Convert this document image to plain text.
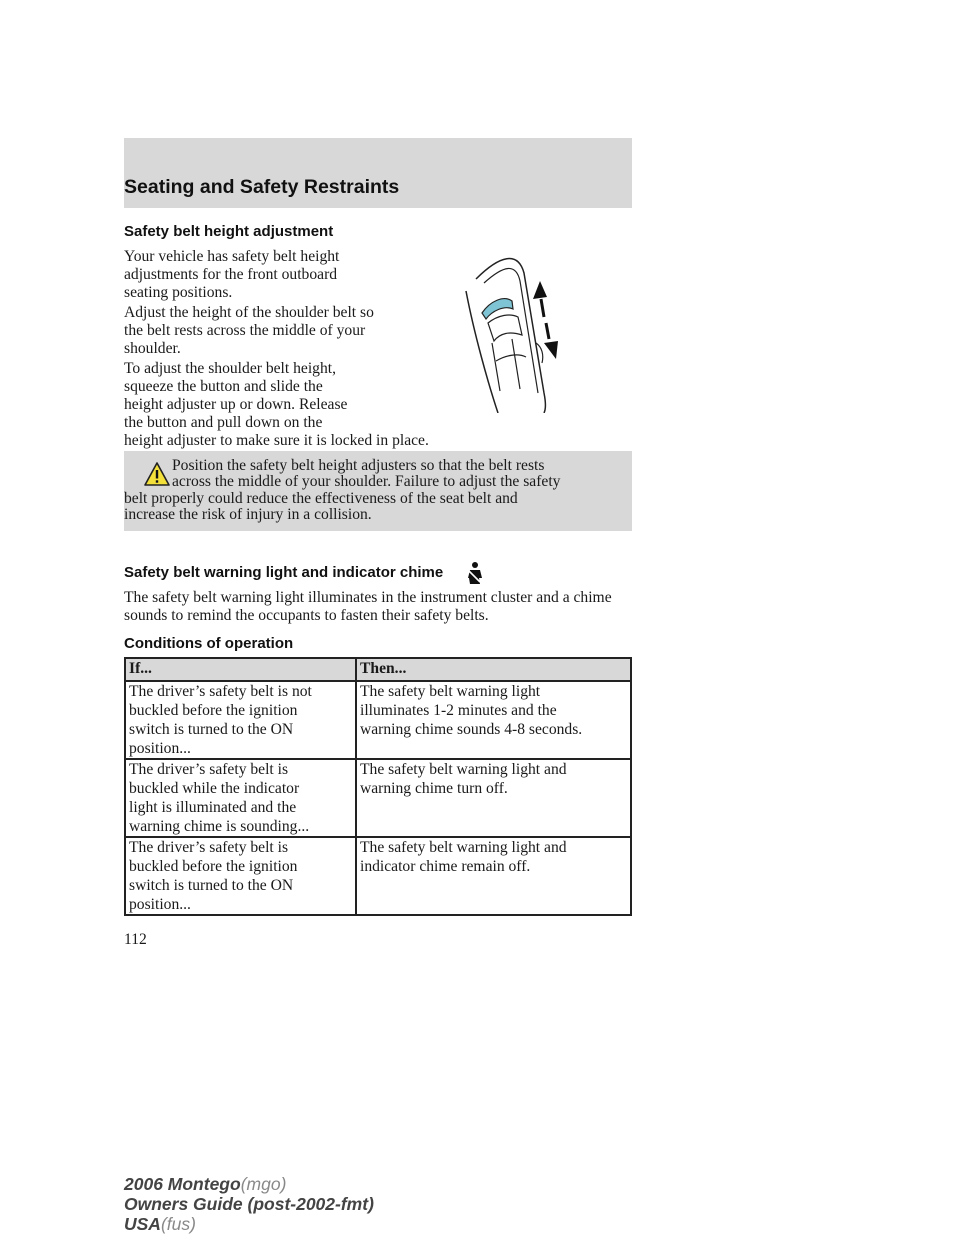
Seating and Safety Restraints
Safety belt height adjustment

Your vehicle has safety belt height adjustments for the front outboard seating positions.

Adjust the height of the shoulder belt so the belt rests across the middle of your shoulder.

To adjust the shoulder belt height,
squeeze the button and slide the
height adjuster up or down. Release
the button and pull down on the
height adjuster to make sure it is locked in place.

Position the safety belt height adjusters so that the belt rests
across the middle of your shoulder. Failure to adjust the safety
belt properly could reduce the effectiveness of the seat belt and
increase the risk of injury in a collision.

Safety belt warning light and indicator chime

The safety belt warning light illuminates in the instrument cluster and a chime sounds to remind the occupants to fasten their safety belts.

Conditions of operation
If...	Then...
The driver’s safety belt is not
buckled before the ignition
switch is turned to the ON
position...	The safety belt warning light
illuminates 1-2 minutes and the
warning chime sounds 4-8 seconds.
The driver’s safety belt is
buckled while the indicator
light is illuminated and the
warning chime is sounding...	The safety belt warning light and
warning chime turn off.
The driver’s safety belt is
buckled before the ignition
switch is turned to the ON
position...	The safety belt warning light and
indicator chime remain off.

112

2006 Montego(mgo)
Owners Guide (post-2002-fmt)
USA(fus)
